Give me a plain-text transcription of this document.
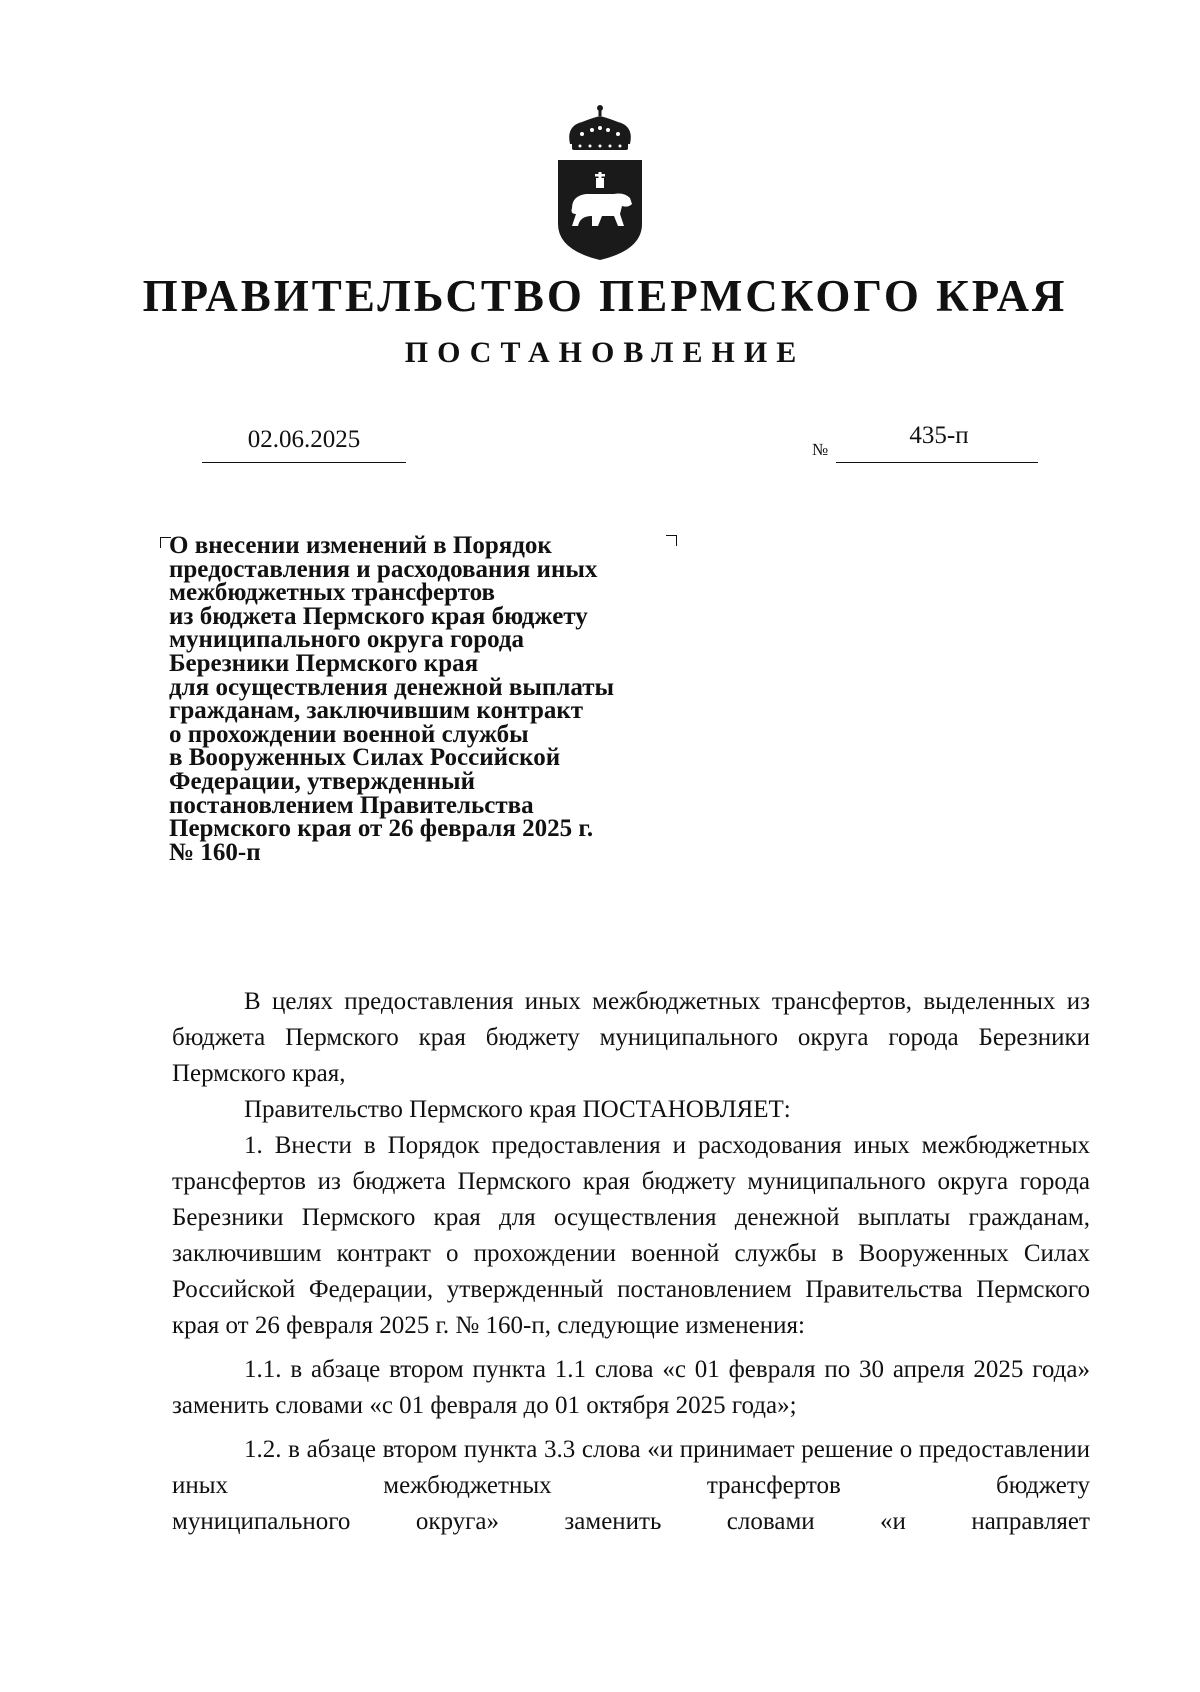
ПРАВИТЕЛЬСТВО ПЕРМСКОГО КРАЯ
ПОСТАНОВЛЕНИЕ
02.06.2025	№
435-п
О внесении изменений в Порядок
предоставления и расходования иных
межбюджетных трансфертов
из бюджета Пермского края бюджету
муниципального округа города
Березники Пермского края
для осуществления денежной выплаты
гражданам, заключившим контракт
о прохождении военной службы
в Вооруженных Силах Российской
Федерации, утвержденный
постановлением Правительства
Пермского края от 26 февраля 2025 г.
№ 160-п

В целях предоставления иных межбюджетных трансфертов, выделенных из бюджета Пермского края бюджету муниципального округа города Березники Пермского края,

Правительство Пермского края ПОСТАНОВЛЯЕТ:

1. Внести в Порядок предоставления и расходования иных межбюджетных трансфертов из бюджета Пермского края бюджету муниципального округа города Березники Пермского края для осуществления денежной выплаты гражданам, заключившим контракт о прохождении военной службы в Вооруженных Силах Российской Федерации, утвержденный постановлением Правительства Пермского края от 26 февраля 2025 г. № 160-п, следующие изменения:

1.1. в абзаце втором пункта 1.1 слова «с 01 февраля по 30 апреля 2025 года» заменить словами «с 01 февраля до 01 октября 2025 года»;

1.2. в абзаце втором пункта 3.3 слова «и принимает решение о предоставлении иных межбюджетных трансфертов бюджету

муниципального	округа»	заменить	словами	«и	направляет
